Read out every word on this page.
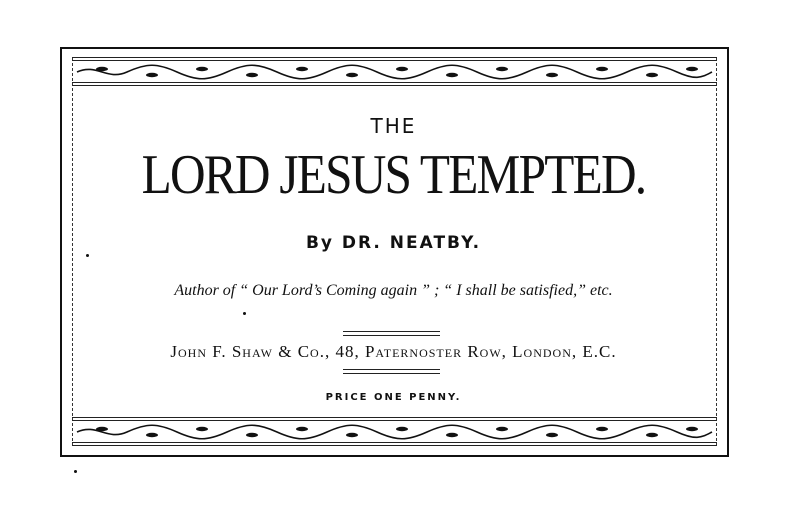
THE
LORD JESUS TEMPTED.
By DR. NEATBY.
Author of “ Our Lord’s Coming again ” ; “ I shall be satisfied,” etc.
John F. Shaw & Co., 48, Paternoster Row, London, E.C.
PRICE ONE PENNY.
